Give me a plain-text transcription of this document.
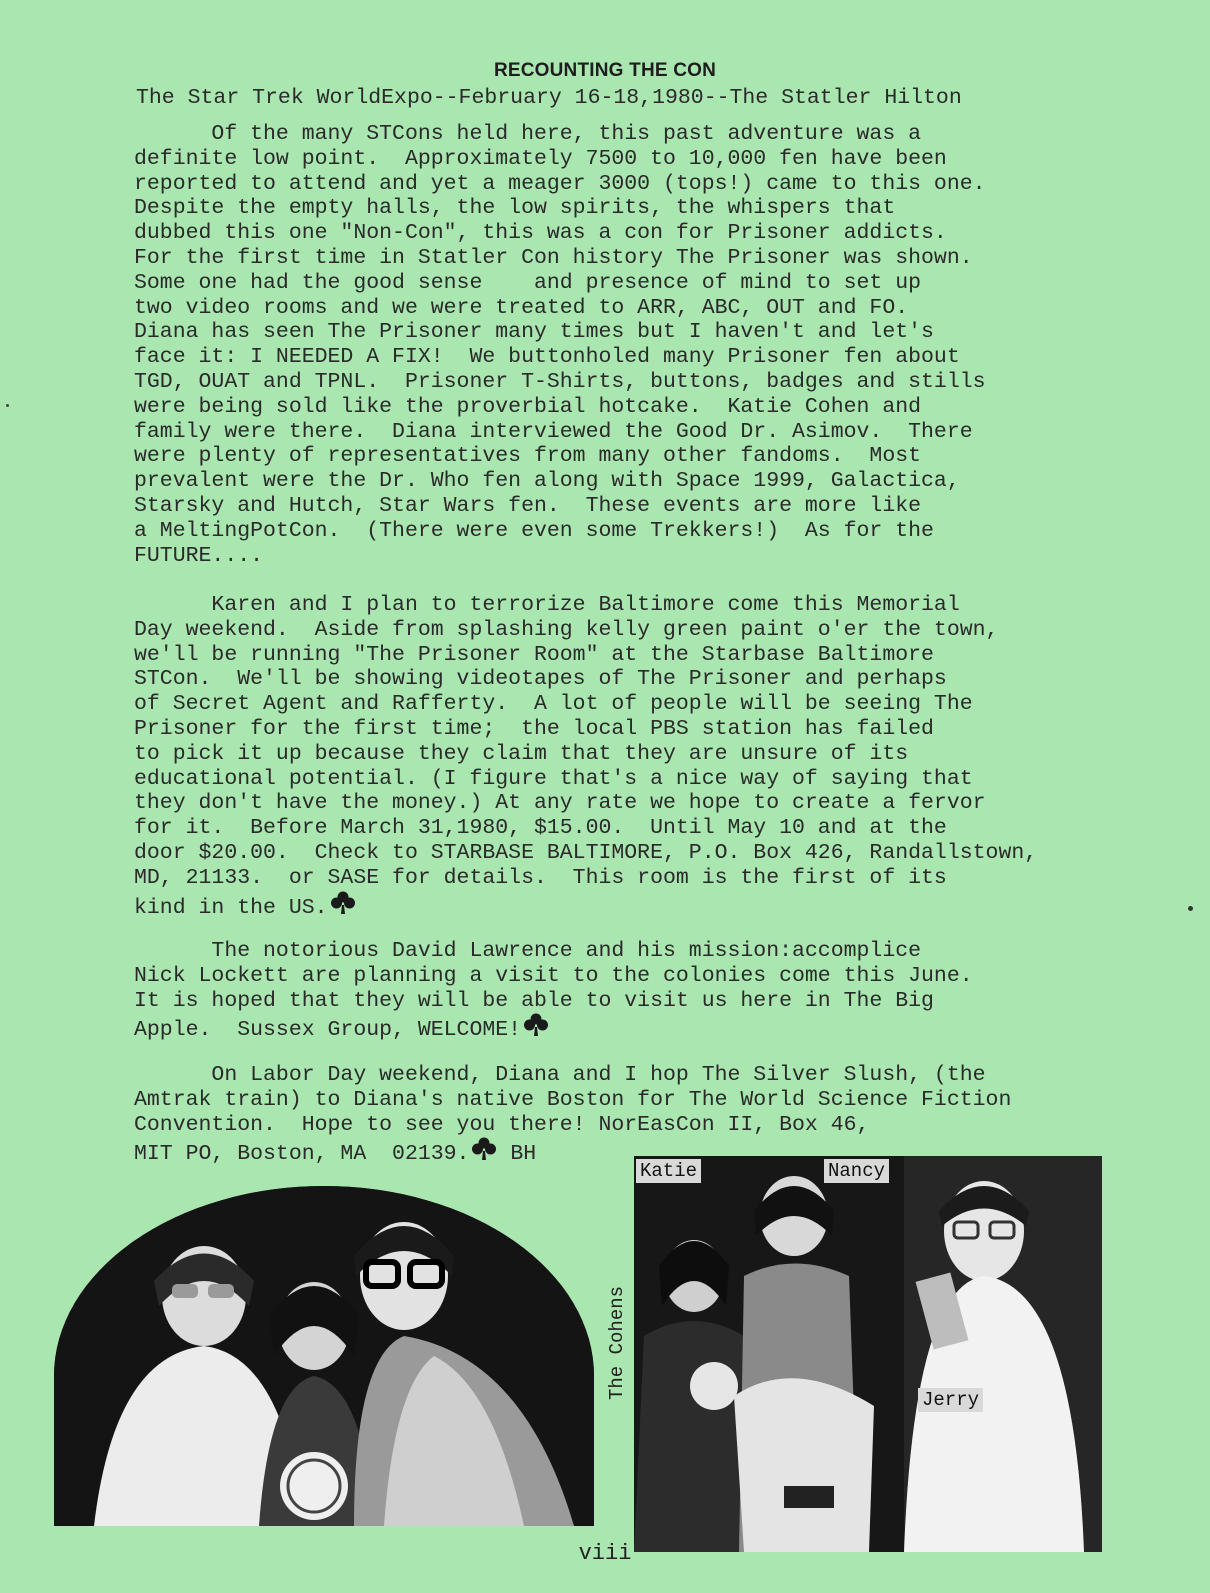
RECOUNTING THE CON
The Star Trek WorldExpo--February 16-18,1980--The Statler Hilton
Of the many STCons held here, this past adventure was a
definite low point.  Approximately 7500 to 10,000 fen have been
reported to attend and yet a meager 3000 (tops!) came to this one.
Despite the empty halls, the low spirits, the whispers that
dubbed this one "Non-Con", this was a con for Prisoner addicts.
For the first time in Statler Con history The Prisoner was shown.
Some one had the good sense    and presence of mind to set up
two video rooms and we were treated to ARR, ABC, OUT and FO.
Diana has seen The Prisoner many times but I haven't and let's
face it: I NEEDED A FIX!  We buttonholed many Prisoner fen about
TGD, OUAT and TPNL.  Prisoner T-Shirts, buttons, badges and stills
were being sold like the proverbial hotcake.  Katie Cohen and
family were there.  Diana interviewed the Good Dr. Asimov.  There
were plenty of representatives from many other fandoms.  Most
prevalent were the Dr. Who fen along with Space 1999, Galactica,
Starsky and Hutch, Star Wars fen.  These events are more like
a MeltingPotCon.  (There were even some Trekkers!)  As for the
FUTURE....
Karen and I plan to terrorize Baltimore come this Memorial
Day weekend.  Aside from splashing kelly green paint o'er the town,
we'll be running "The Prisoner Room" at the Starbase Baltimore
STCon.  We'll be showing videotapes of The Prisoner and perhaps
of Secret Agent and Rafferty.  A lot of people will be seeing The
Prisoner for the first time;  the local PBS station has failed
to pick it up because they claim that they are unsure of its
educational potential. (I figure that's a nice way of saying that
they don't have the money.) At any rate we hope to create a fervor
for it.  Before March 31,1980, $15.00.  Until May 10 and at the
door $20.00.  Check to STARBASE BALTIMORE, P.O. Box 426, Randallstown,
MD, 21133.  or SASE for details.  This room is the first of its
kind in the US.
The notorious David Lawrence and his mission:accomplice
Nick Lockett are planning a visit to the colonies come this June.
It is hoped that they will be able to visit us here in The Big
Apple.  Sussex Group, WELCOME!
On Labor Day weekend, Diana and I hop The Silver Slush, (the
Amtrak train) to Diana's native Boston for The World Science Fiction
Convention.  Hope to see you there! NorEasCon II, Box 46,
MIT PO, Boston, MA  02139. BH
Katie	Nancy
Jerry
The Cohens
viii
